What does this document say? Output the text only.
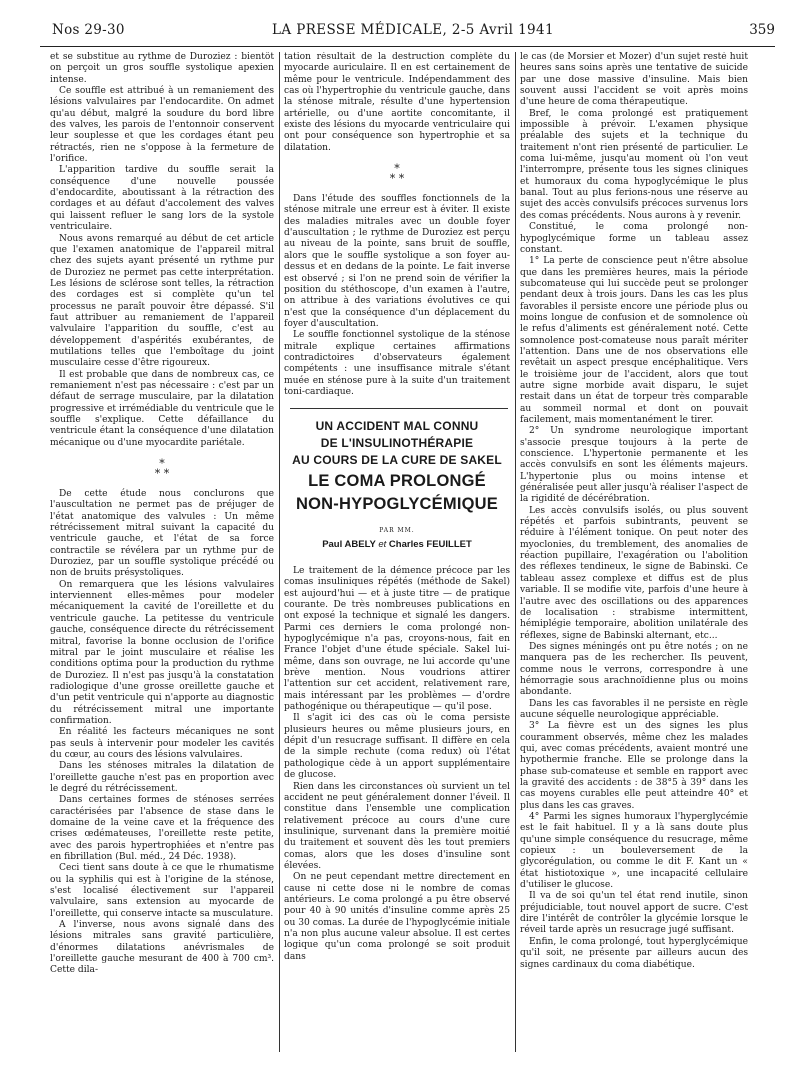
Nos 29-30	LA PRESSE MÉDICALE, 2-5 Avril 1941	359

et se substitue au rythme de Duroziez : bientôt on perçoit un gros souffle systolique apexien intense.

Ce souffle est attribué à un remaniement des lésions valvulaires par l'endocardite. On admet qu'au début, malgré la soudure du bord libre des valves, les parois de l'entonnoir conservent leur souplesse et que les cordages étant peu rétractés, rien ne s'oppose à la fermeture de l'orifice.

L'apparition tardive du souffle serait la conséquence d'une nouvelle poussée d'endocardite, aboutissant à la rétraction des cordages et au défaut d'accolement des valves qui laissent refluer le sang lors de la systole ventriculaire.

Nous avons remarqué au début de cet article que l'examen anatomique de l'appareil mitral chez des sujets ayant présenté un rythme pur de Duroziez ne permet pas cette interprétation. Les lésions de sclérose sont telles, la rétraction des cordages est si complète qu'un tel processus ne paraît pouvoir être dépassé. S'il faut attribuer au remaniement de l'appareil valvulaire l'apparition du souffle, c'est au développement d'aspérités exubérantes, de mutilations telles que l'emboîtage du joint musculaire cesse d'être rigoureux.

Il est probable que dans de nombreux cas, ce remaniement n'est pas nécessaire : c'est par un défaut de serrage musculaire, par la dilatation progressive et irrémédiable du ventricule que le souffle s'explique. Cette défaillance du ventricule étant la conséquence d'une dilatation mécanique ou d'une myocardite pariétale.

*
* *

De cette étude nous conclurons que l'auscultation ne permet pas de préjuger de l'état anatomique des valvules : Un même rétrécissement mitral suivant la capacité du ventricule gauche, et l'état de sa force contractile se révélera par un rythme pur de Duroziez, par un souffle systolique précédé ou non de bruits présystoliques.

On remarquera que les lésions valvulaires interviennent elles-mêmes pour modeler mécaniquement la cavité de l'oreillette et du ventricule gauche. La petitesse du ventricule gauche, conséquence directe du rétrécissement mitral, favorise la bonne occlusion de l'orifice mitral par le joint musculaire et réalise les conditions optima pour la production du rythme de Duroziez. Il n'est pas jusqu'à la constatation radiologique d'une grosse oreillette gauche et d'un petit ventricule qui n'apporte au diagnostic du rétrécissement mitral une importante confirmation.

En réalité les facteurs mécaniques ne sont pas seuls à intervenir pour modeler les cavités du cœur, au cours des lésions valvulaires.

Dans les sténoses mitrales la dilatation de l'oreillette gauche n'est pas en proportion avec le degré du rétrécissement.

Dans certaines formes de sténoses serrées caractérisées par l'absence de stase dans le domaine de la veine cave et la fréquence des crises œdémateuses, l'oreillette reste petite, avec des parois hypertrophiées et n'entre pas en fibrillation (Bul. méd., 24 Déc. 1938).

Ceci tient sans doute à ce que le rhumatisme ou la syphilis qui est à l'origine de la sténose, s'est localisé électivement sur l'appareil valvulaire, sans extension au myocarde de l'oreillette, qui conserve intacte sa musculature.

A l'inverse, nous avons signalé dans des lésions mitrales sans gravité particulière, d'énormes dilatations anévrismales de l'oreillette gauche mesurant de 400 à 700 cm³. Cette dila-

tation résultait de la destruction complète du myocarde auriculaire. Il en est certainement de même pour le ventricule. Indépendamment des cas où l'hypertrophie du ventricule gauche, dans la sténose mitrale, résulte d'une hypertension artérielle, ou d'une aortite concomitante, il existe des lésions du myocarde ventriculaire qui ont pour conséquence son hypertrophie et sa dilatation.

*
* *

Dans l'étude des souffles fonctionnels de la sténose mitrale une erreur est à éviter. Il existe des maladies mitrales avec un double foyer d'auscultation ; le rythme de Duroziez est perçu au niveau de la pointe, sans bruit de souffle, alors que le souffle systolique a son foyer au-dessus et en dedans de la pointe. Le fait inverse est observé ; si l'on ne prend soin de vérifier la position du stéthoscope, d'un examen à l'autre, on attribue à des variations évolutives ce qui n'est que la conséquence d'un déplacement du foyer d'auscultation.

Le souffle fonctionnel systolique de la sténose mitrale explique certaines affirmations contradictoires d'observateurs également compétents : une insuffisance mitrale s'étant muée en sténose pure à la suite d'un traitement toni-cardiaque.

UN ACCIDENT MAL CONNU
DE L'INSULINOTHÉRAPIE
AU COURS DE LA CURE DE SAKEL
LE COMA PROLONGÉ
NON-HYPOGLYCÉMIQUE
PAR MM.
Paul ABELY et Charles FEUILLET

Le traitement de la démence précoce par les comas insuliniques répétés (méthode de Sakel) est aujourd'hui — et à juste titre — de pratique courante. De très nombreuses publications en ont exposé la technique et signalé les dangers. Parmi ces derniers le coma prolongé non-hypoglycémique n'a pas, croyons-nous, fait en France l'objet d'une étude spéciale. Sakel lui-même, dans son ouvrage, ne lui accorde qu'une brève mention. Nous voudrions attirer l'attention sur cet accident, relativement rare, mais intéressant par les problèmes — d'ordre pathogénique ou thérapeutique — qu'il pose.

Il s'agit ici des cas où le coma persiste plusieurs heures ou même plusieurs jours, en dépit d'un resucrage suffisant. Il diffère en cela de la simple rechute (coma redux) où l'état pathologique cède à un apport supplémentaire de glucose.

Rien dans les circonstances où survient un tel accident ne peut généralement donner l'éveil. Il constitue dans l'ensemble une complication relativement précoce au cours d'une cure insulinique, survenant dans la première moitié du traitement et souvent dès les tout premiers comas, alors que les doses d'insuline sont élevées.

On ne peut cependant mettre directement en cause ni cette dose ni le nombre de comas antérieurs. Le coma prolongé a pu être observé pour 40 à 90 unités d'insuline comme après 25 ou 30 comas. La durée de l'hypoglycémie initiale n'a non plus aucune valeur absolue. Il est certes logique qu'un coma prolongé se soit produit dans

le cas (de Morsier et Mozer) d'un sujet resté huit heures sans soins après une tentative de suicide par une dose massive d'insuline. Mais bien souvent aussi l'accident se voit après moins d'une heure de coma thérapeutique.

Bref, le coma prolongé est pratiquement impossible à prévoir. L'examen physique préalable des sujets et la technique du traitement n'ont rien présenté de particulier. Le coma lui-même, jusqu'au moment où l'on veut l'interrompre, présente tous les signes cliniques et humoraux du coma hypoglycémique le plus banal. Tout au plus ferions-nous une réserve au sujet des accès convulsifs précoces survenus lors des comas précédents. Nous aurons à y revenir.

Constitué, le coma prolongé non-hypoglycémique forme un tableau assez constant.

1° La perte de conscience peut n'être absolue que dans les premières heures, mais la période subcomateuse qui lui succède peut se prolonger pendant deux à trois jours. Dans les cas les plus favorables il persiste encore une période plus ou moins longue de confusion et de somnolence où le refus d'aliments est généralement noté. Cette somnolence post-comateuse nous paraît mériter l'attention. Dans une de nos observations elle revêtait un aspect presque encéphalitique. Vers le troisième jour de l'accident, alors que tout autre signe morbide avait disparu, le sujet restait dans un état de torpeur très comparable au sommeil normal et dont on pouvait facilement, mais momentanément le tirer.

2° Un syndrome neurologique important s'associe presque toujours à la perte de conscience. L'hypertonie permanente et les accès convulsifs en sont les éléments majeurs. L'hypertonie plus ou moins intense et généralisée peut aller jusqu'à réaliser l'aspect de la rigidité de décérébration.

Les accès convulsifs isolés, ou plus souvent répétés et parfois subintrants, peuvent se réduire à l'élément tonique. On peut noter des myoclonies, du tremblement, des anomalies de réaction pupillaire, l'exagération ou l'abolition des réflexes tendineux, le signe de Babinski. Ce tableau assez complexe et diffus est de plus variable. Il se modifie vite, parfois d'une heure à l'autre avec des oscillations ou des apparences de localisation : strabisme intermittent, hémiplégie temporaire, abolition unilatérale des réflexes, signe de Babinski alternant, etc...

Des signes méningés ont pu être notés ; on ne manquera pas de les rechercher. Ils peuvent, comme nous le verrons, correspondre à une hémorragie sous arachnoïdienne plus ou moins abondante.

Dans les cas favorables il ne persiste en règle aucune séquelle neurologique appréciable.

3° La fièvre est un des signes les plus couramment observés, même chez les malades qui, avec comas précédents, avaient montré une hypothermie franche. Elle se prolonge dans la phase sub-comateuse et semble en rapport avec la gravité des accidents : de 38°5 à 39° dans les cas moyens curables elle peut atteindre 40° et plus dans les cas graves.

4° Parmi les signes humoraux l'hyperglycémie est le fait habituel. Il y a là sans doute plus qu'une simple conséquence du resucrage, même copieux : un bouleversement de la glycorégulation, ou comme le dit F. Kant un « état histiotoxique », une incapacité cellulaire d'utiliser le glucose.

Il va de soi qu'un tel état rend inutile, sinon préjudiciable, tout nouvel apport de sucre. C'est dire l'intérêt de contrôler la glycémie lorsque le réveil tarde après un resucrage jugé suffisant.

Enfin, le coma prolongé, tout hyperglycémique qu'il soit, ne présente par ailleurs aucun des signes cardinaux du coma diabétique.
